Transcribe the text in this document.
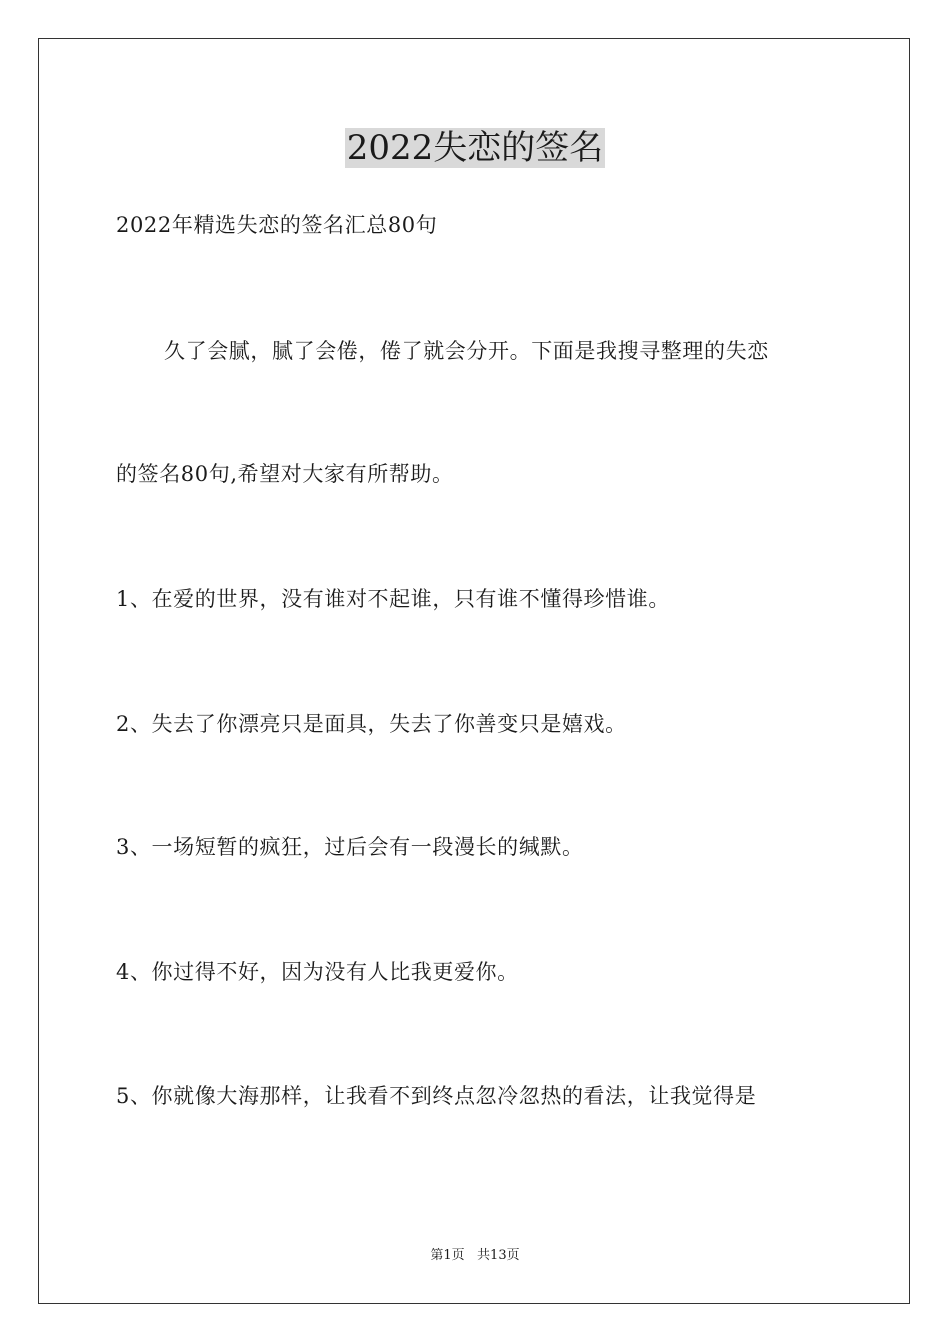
2022失恋的签名
2022年精选失恋的签名汇总80句
久了会腻，腻了会倦，倦了就会分开。下面是我搜寻整理的失恋
的签名80句,希望对大家有所帮助。
1、在爱的世界，没有谁对不起谁，只有谁不懂得珍惜谁。
2、失去了你漂亮只是面具，失去了你善变只是嬉戏。
3、一场短暂的疯狂，过后会有一段漫长的缄默。
4、你过得不好，因为没有人比我更爱你。
5、你就像大海那样，让我看不到终点忽冷忽热的看法，让我觉得是
第1页   共13页
